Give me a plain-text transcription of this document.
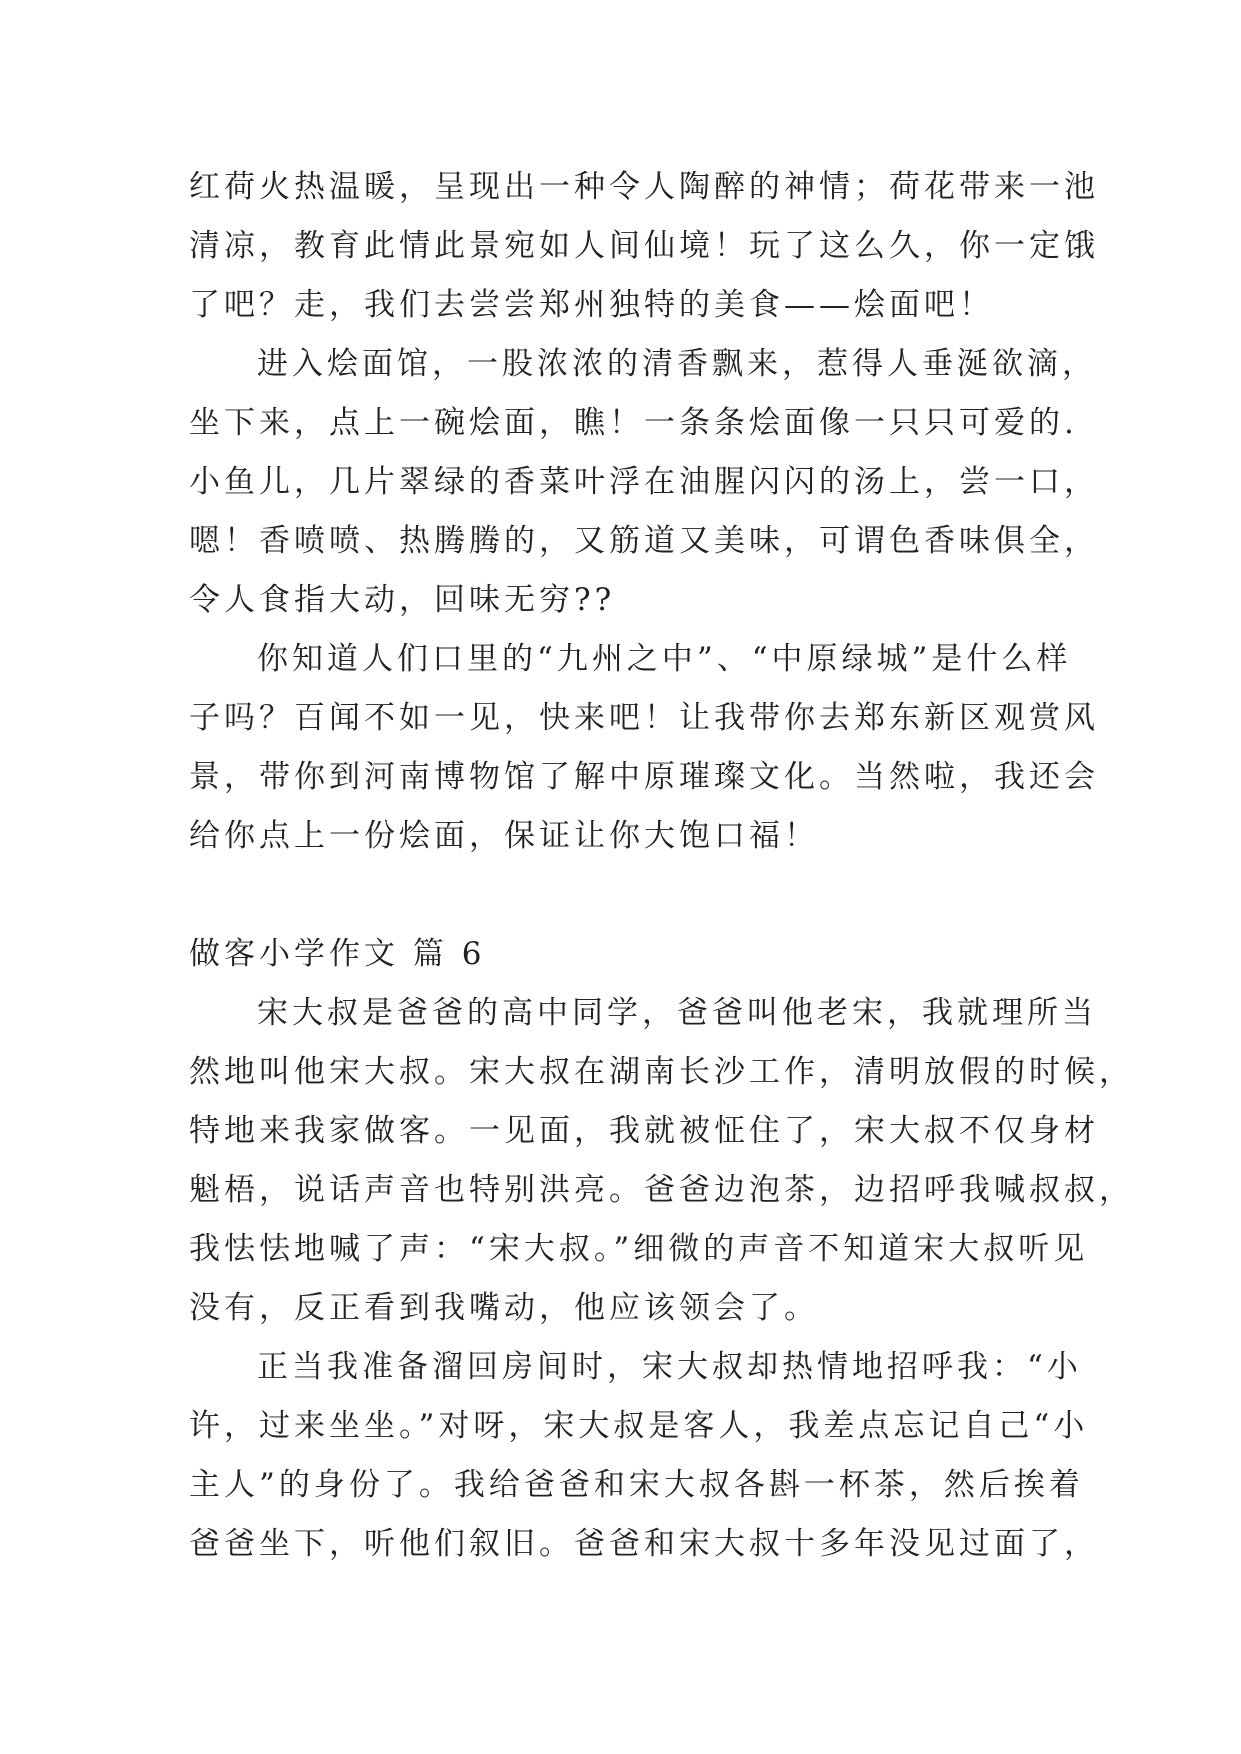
红荷火热温暖，呈现出一种令人陶醉的神情；荷花带来一池
清凉，教育此情此景宛如人间仙境！玩了这么久，你一定饿
了吧？走，我们去尝尝郑州独特的美食——烩面吧！
进入烩面馆，一股浓浓的清香飘来，惹得人垂涎欲滴，
坐下来，点上一碗烩面，瞧！一条条烩面像一只只可爱的.
小鱼儿，几片翠绿的香菜叶浮在油腥闪闪的汤上，尝一口，
嗯！香喷喷、热腾腾的，又筋道又美味，可谓色香味俱全，
令人食指大动，回味无穷??
你知道人们口里的“九州之中”、“中原绿城”是什么样
子吗？百闻不如一见，快来吧！让我带你去郑东新区观赏风
景，带你到河南博物馆了解中原璀璨文化。当然啦，我还会
给你点上一份烩面，保证让你大饱口福！
做客小学作文 篇 6
宋大叔是爸爸的高中同学，爸爸叫他老宋，我就理所当
然地叫他宋大叔。宋大叔在湖南长沙工作，清明放假的时候，
特地来我家做客。一见面，我就被怔住了，宋大叔不仅身材
魁梧，说话声音也特别洪亮。爸爸边泡茶，边招呼我喊叔叔，
我怯怯地喊了声：“宋大叔。”细微的声音不知道宋大叔听见
没有，反正看到我嘴动，他应该领会了。
正当我准备溜回房间时，宋大叔却热情地招呼我：“小
许，过来坐坐。”对呀，宋大叔是客人，我差点忘记自己“小
主人”的身份了。我给爸爸和宋大叔各斟一杯茶，然后挨着
爸爸坐下，听他们叙旧。爸爸和宋大叔十多年没见过面了，
